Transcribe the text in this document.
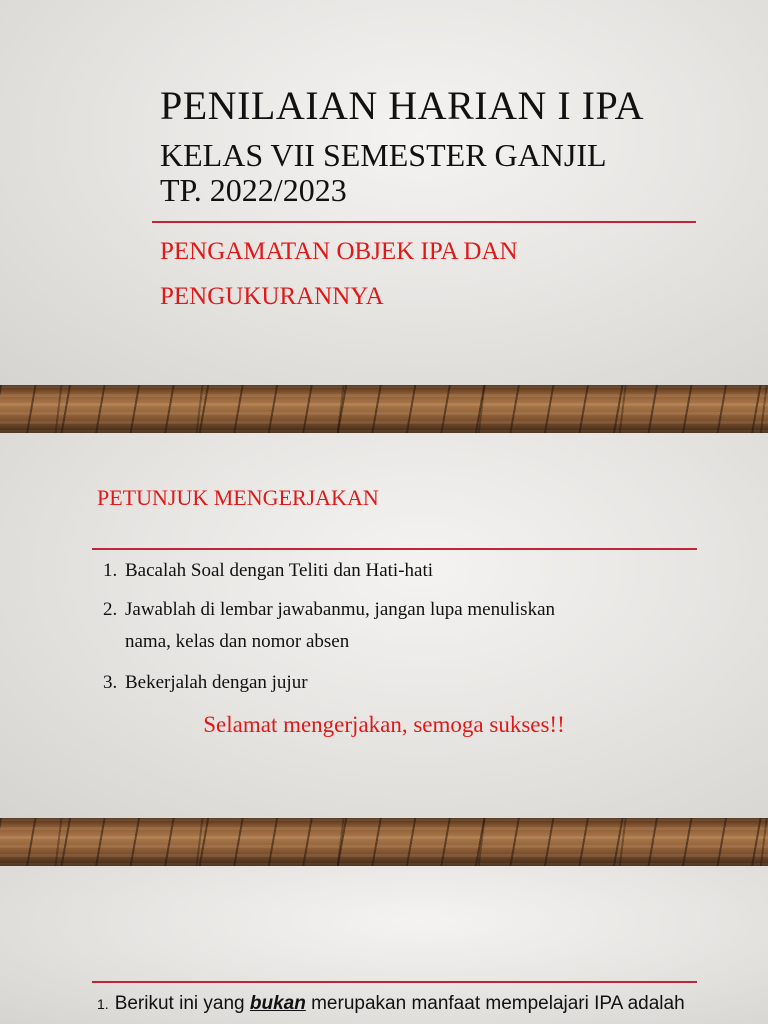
PENILAIAN HARIAN I IPA
KELAS VII SEMESTER GANJIL
TP. 2022/2023
PENGAMATAN OBJEK IPA DAN
PENGUKURANNYA
PETUNJUK MENGERJAKAN
1. Bacalah Soal dengan Teliti dan Hati-hati
2. Jawablah di lembar jawabanmu, jangan lupa menuliskan
nama, kelas dan nomor absen
3. Bekerjalah dengan jujur
Selamat mengerjakan, semoga sukses!!
1. Berikut ini yang bukan merupakan manfaat mempelajari IPA adalah
